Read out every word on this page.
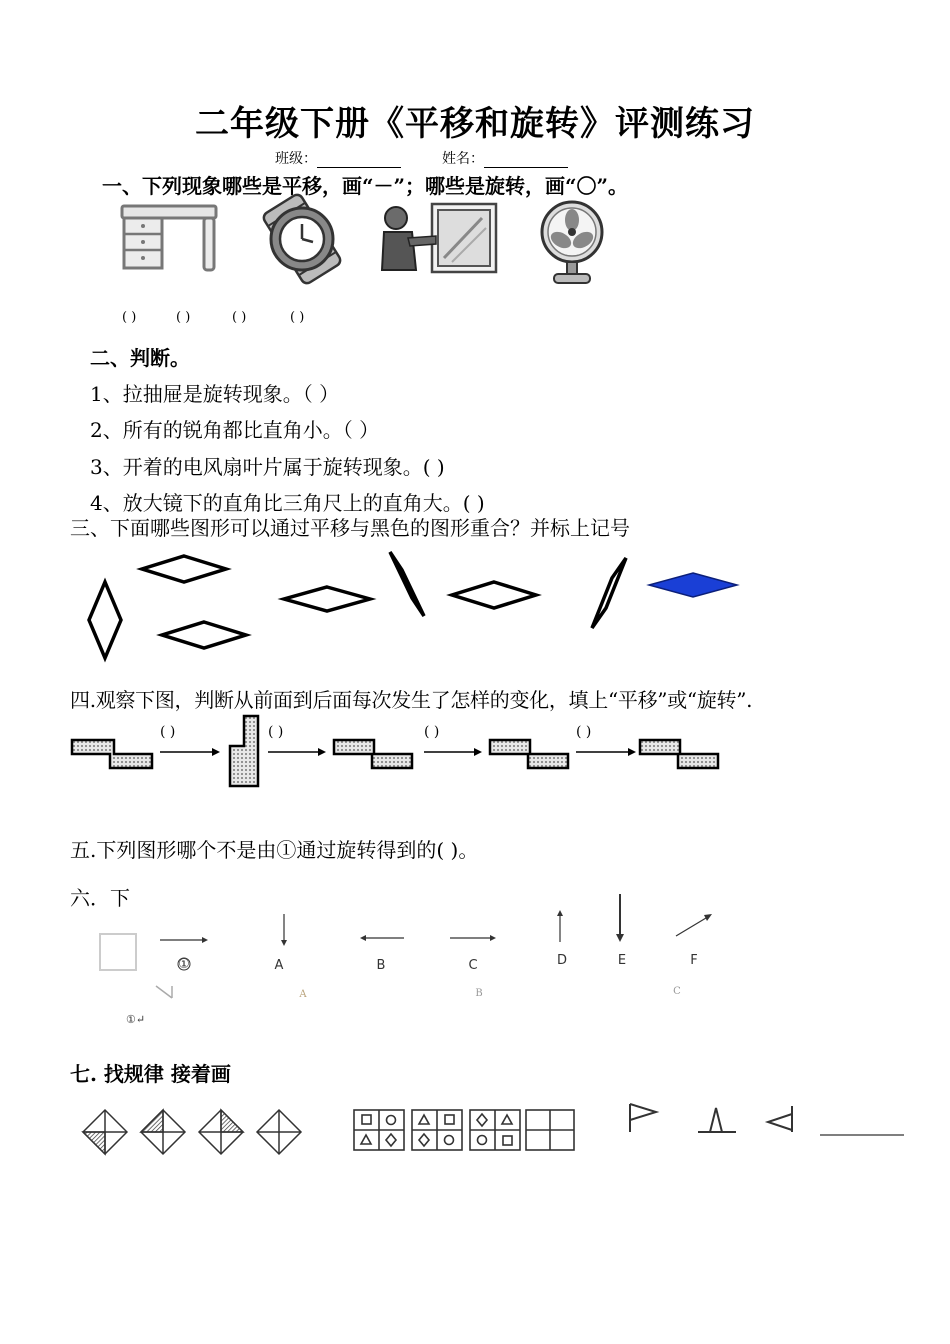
二年级下册《平移和旋转》评测练习
班级：	姓名：
一、下列现象哪些是平移，画“－”；哪些是旋转，画“〇”。
( )	( )	( )	( )
二、判断。
1、拉抽屉是旋转现象。（ ）
2、所有的锐角都比直角小。（ ）
3、开着的电风扇叶片属于旋转现象。( )
4、放大镜下的直角比三角尺上的直角大。( )
三、下面哪些图形可以通过平移与黑色的图形重合？并标上记号
四.观察下图，判断从前面到后面每次发生了怎样的变化，填上“平移”或“旋转”.
( )	( )	( )	( )
五.下列图形哪个不是由①通过旋转得到的( )。
六．下
①	A	B	C	D	E	F
A	B	C
①↵
七. 找规律 接着画
